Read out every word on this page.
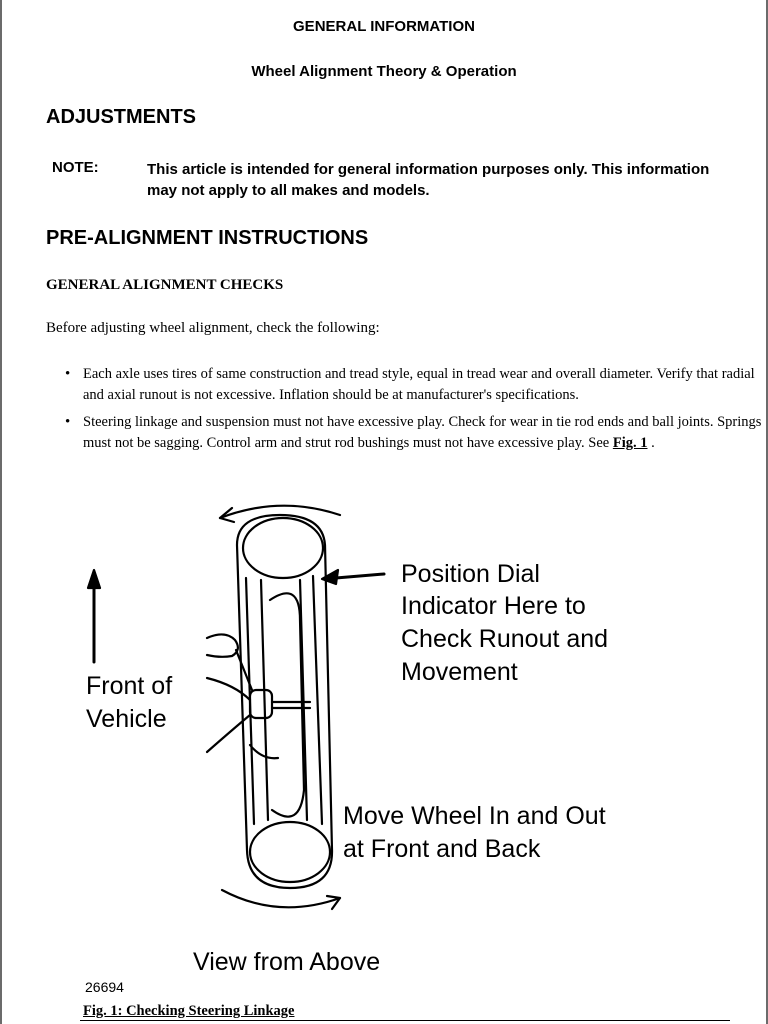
GENERAL INFORMATION
Wheel Alignment Theory & Operation
ADJUSTMENTS
NOTE:	This article is intended for general information purposes only. This information may not apply to all makes and models.
PRE-ALIGNMENT INSTRUCTIONS
GENERAL ALIGNMENT CHECKS
Before adjusting wheel alignment, check the following:
• Each axle uses tires of same construction and tread style, equal in tread wear and overall diameter. Verify that radial and axial runout is not excessive. Inflation should be at manufacturer's specifications.
• Steering linkage and suspension must not have excessive play. Check for wear in tie rod ends and ball joints. Springs must not be sagging. Control arm and strut rod bushings must not have excessive play. See Fig. 1 .
Position Dial
Indicator Here to
Check Runout and
Movement
Front of
Vehicle
Move Wheel In and Out
at Front and Back
View from Above
26694
Fig. 1: Checking Steering Linkage
